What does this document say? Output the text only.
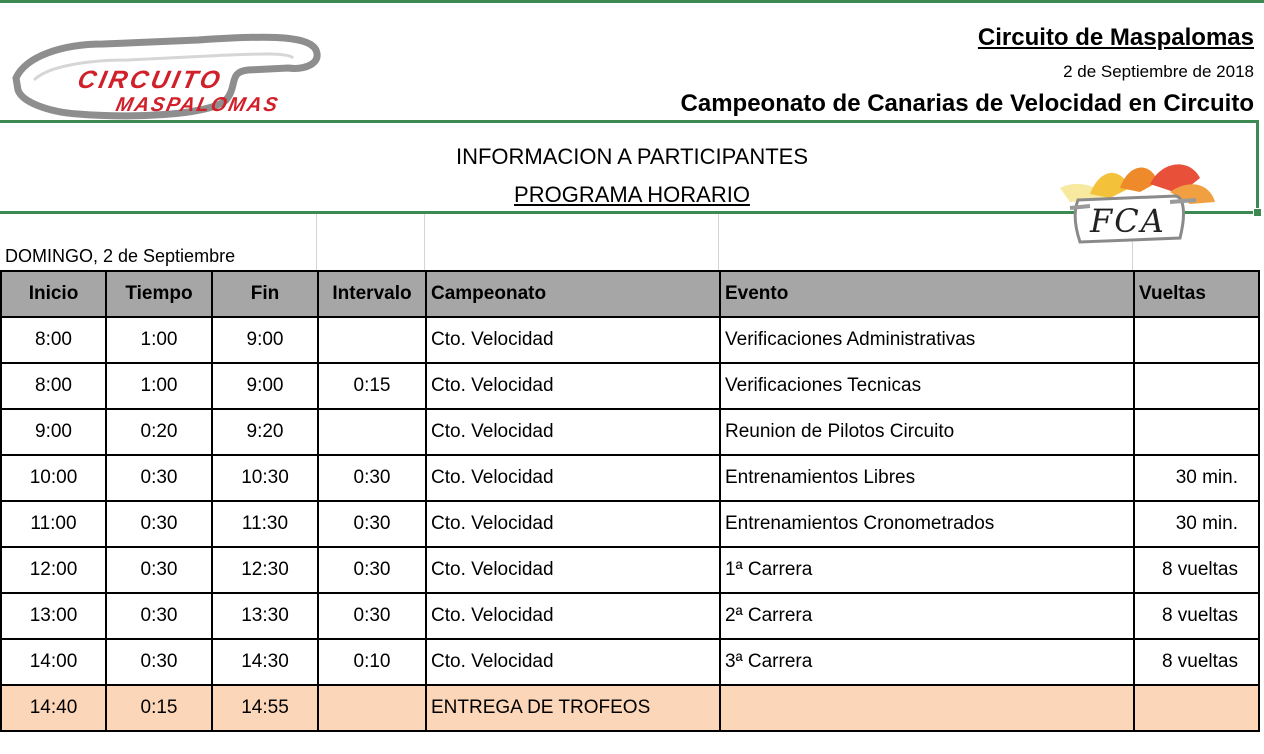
CIRCUITO
MASPALOMAS
Circuito de Maspalomas
2 de Septiembre de 2018
Campeonato de Canarias de Velocidad en Circuito
INFORMACION A PARTICIPANTES
PROGRAMA HORARIO
FCA
DOMINGO, 2 de Septiembre
Inicio	Tiempo	Fin	Intervalo	Campeonato	Evento	Vueltas
8:00	1:00	9:00		Cto. Velocidad	Verificaciones Administrativas	
8:00	1:00	9:00	0:15	Cto. Velocidad	Verificaciones Tecnicas	
9:00	0:20	9:20		Cto. Velocidad	Reunion de Pilotos Circuito	
10:00	0:30	10:30	0:30	Cto. Velocidad	Entrenamientos Libres	30 min.
11:00	0:30	11:30	0:30	Cto. Velocidad	Entrenamientos Cronometrados	30 min.
12:00	0:30	12:30	0:30	Cto. Velocidad	1ª Carrera	8 vueltas
13:00	0:30	13:30	0:30	Cto. Velocidad	2ª Carrera	8 vueltas
14:00	0:30	14:30	0:10	Cto. Velocidad	3ª Carrera	8 vueltas
14:40	0:15	14:55		ENTREGA DE TROFEOS		
